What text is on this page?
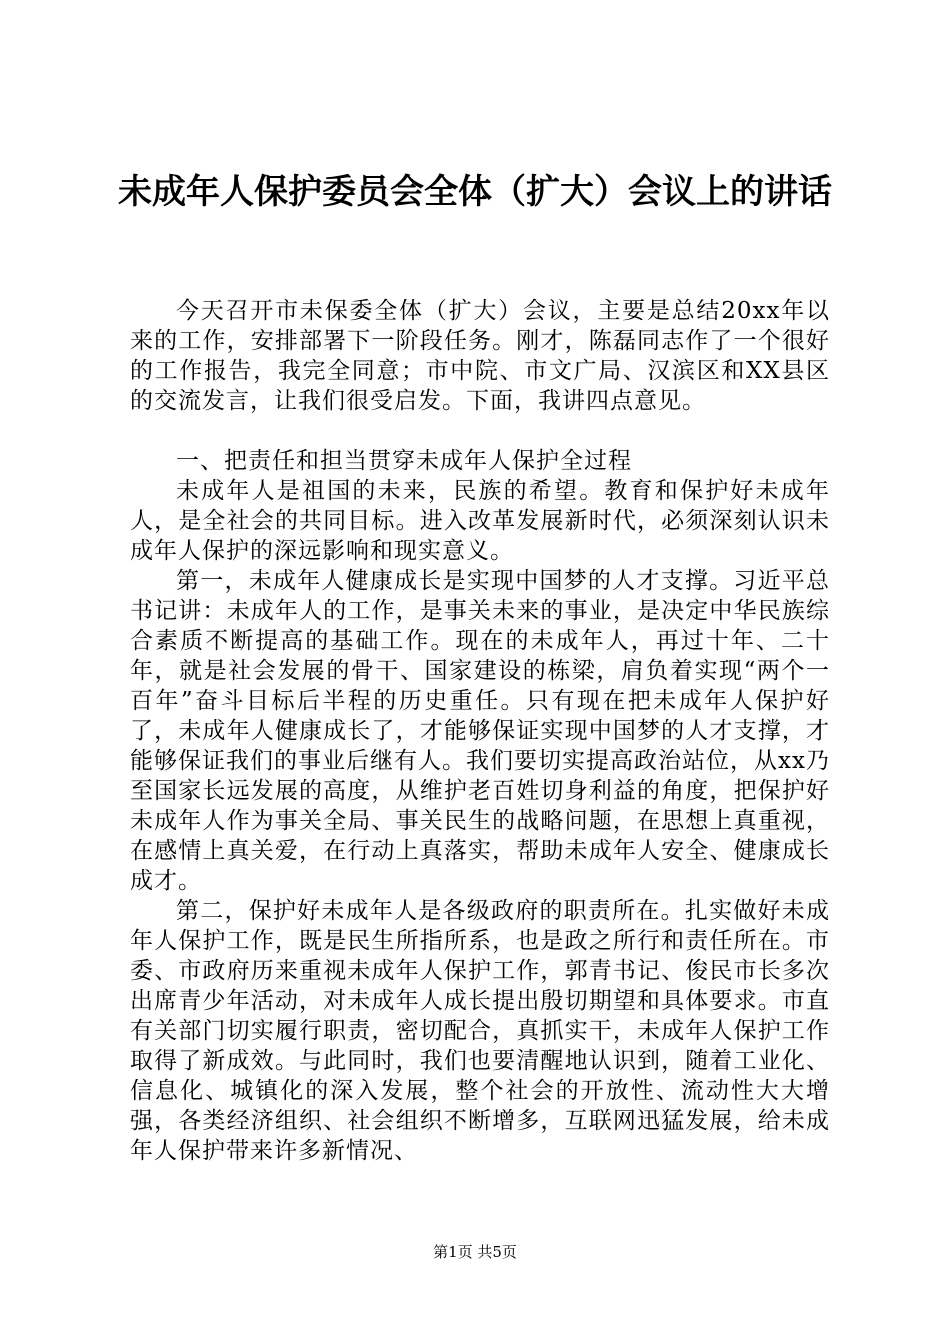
未成年人保护委员会全体（扩大）会议上的讲话

今天召开市未保委全体（扩大）会议，主要是总结20xx年以来的工作，安排部署下一阶段任务。刚才，陈磊同志作了一个很好的工作报告，我完全同意；市中院、市文广局、汉滨区和XX县区的交流发言，让我们很受启发。下面，我讲四点意见。

一、把责任和担当贯穿未成年人保护全过程

未成年人是祖国的未来，民族的希望。教育和保护好未成年人，是全社会的共同目标。进入改革发展新时代，必须深刻认识未成年人保护的深远影响和现实意义。

第一，未成年人健康成长是实现中国梦的人才支撑。习近平总书记讲：未成年人的工作，是事关未来的事业，是决定中华民族综合素质不断提高的基础工作。现在的未成年人，再过十年、二十年，就是社会发展的骨干、国家建设的栋梁，肩负着实现“两个一百年”奋斗目标后半程的历史重任。只有现在把未成年人保护好了，未成年人健康成长了，才能够保证实现中国梦的人才支撑，才能够保证我们的事业后继有人。我们要切实提高政治站位，从xx乃至国家长远发展的高度，从维护老百姓切身利益的角度，把保护好未成年人作为事关全局、事关民生的战略问题，在思想上真重视，在感情上真关爱，在行动上真落实，帮助未成年人安全、健康成长成才。

第二，保护好未成年人是各级政府的职责所在。扎实做好未成年人保护工作，既是民生所指所系，也是政之所行和责任所在。市委、市政府历来重视未成年人保护工作，郭青书记、俊民市长多次出席青少年活动，对未成年人成长提出殷切期望和具体要求。市直有关部门切实履行职责，密切配合，真抓实干，未成年人保护工作取得了新成效。与此同时，我们也要清醒地认识到，随着工业化、信息化、城镇化的深入发展，整个社会的开放性、流动性大大增强，各类经济组织、社会组织不断增多，互联网迅猛发展，给未成年人保护带来许多新情况、

第1页 共5页
